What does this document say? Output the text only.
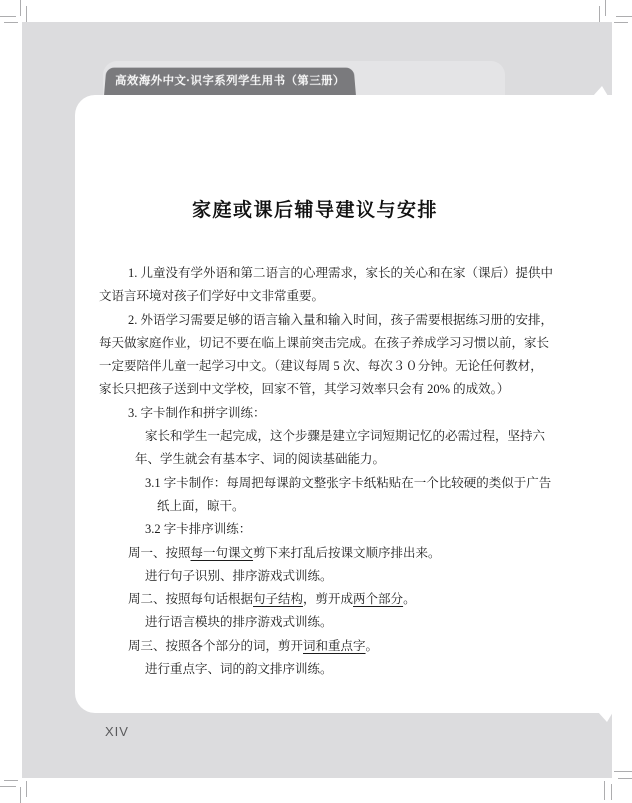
高效海外中文·识字系列学生用书（第三册）
家庭或课后辅导建议与安排
1. 儿童没有学外语和第二语言的心理需求，家长的关心和在家（课后）提供中
文语言环境对孩子们学好中文非常重要。
2. 外语学习需要足够的语言输入量和输入时间，孩子需要根据练习册的安排，
每天做家庭作业，切记不要在临上课前突击完成。在孩子养成学习习惯以前，家长
一定要陪伴儿童一起学习中文。（建议每周 5 次、每次３０分钟。无论任何教材，
家长只把孩子送到中文学校，回家不管，其学习效率只会有 20% 的成效。）
3. 字卡制作和拼字训练：
家长和学生一起完成，这个步骤是建立字词短期记忆的必需过程，坚持六
年、学生就会有基本字、词的阅读基础能力。
3.1 字卡制作：每周把每课韵文整张字卡纸粘贴在一个比较硬的类似于广告
纸上面，晾干。
3.2 字卡排序训练：
周一、按照每一句课文剪下来打乱后按课文顺序排出来。
进行句子识别、排序游戏式训练。
周二、按照每句话根据句子结构，剪开成两个部分。
进行语言模块的排序游戏式训练。
周三、按照各个部分的词，剪开词和重点字。
进行重点字、词的韵文排序训练。
XIV
